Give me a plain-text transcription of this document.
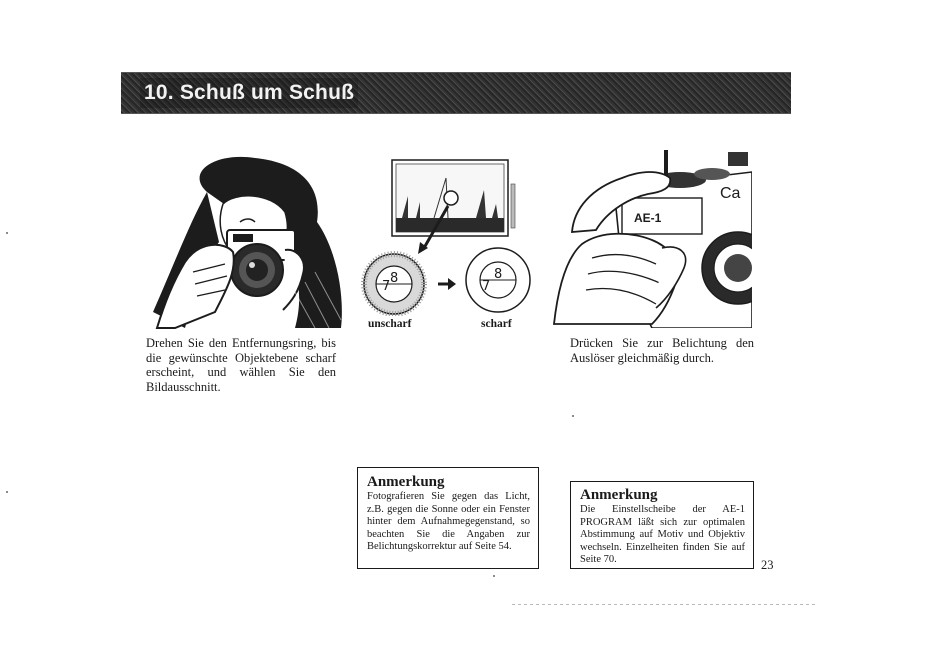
10. Schuß um Schuß
Drehen Sie den Entfernungsring, bis die gewünschte Objektebene scharf erscheint, und wählen Sie den Bildausschnitt.
7
8
7
8
unscharf	scharf
AE-1
Ca
Drücken Sie zur Belichtung den Auslöser gleichmäßig durch.

Anmerkung

Fotografieren Sie gegen das Licht, z.B. gegen die Sonne oder ein Fenster hinter dem Aufnahmegegenstand, so beachten Sie die Angaben zur Belichtungskorrektur auf Seite 54.

Anmerkung

Die Einstellscheibe der AE-1 PROGRAM läßt sich zur optimalen Abstimmung auf Motiv und Objektiv wechseln. Einzelheiten finden Sie auf Seite 70.	23
